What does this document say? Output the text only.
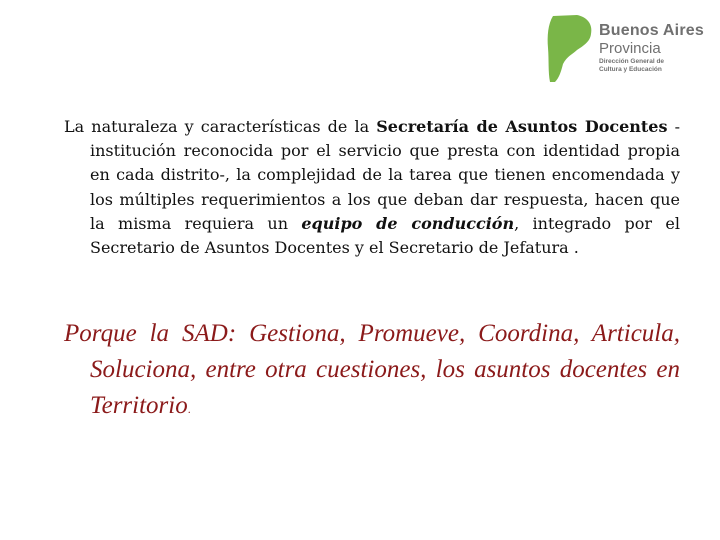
Buenos Aires
Provincia
Dirección General de
Cultura y Educación

La naturaleza y características de la Secretaría de Asuntos Docentes -institución reconocida por el servicio que presta con identidad propia en cada distrito-, la complejidad de la tarea que tienen encomendada y los múltiples requerimientos a los que deban dar respuesta, hacen que la misma requiera un equipo de conducción, integrado por el Secretario de Asuntos Docentes y el Secretario de Jefatura .

Porque la SAD: Gestiona, Promueve, Coordina, Articula, Soluciona, entre otra cuestiones, los asuntos docentes en Territorio.
